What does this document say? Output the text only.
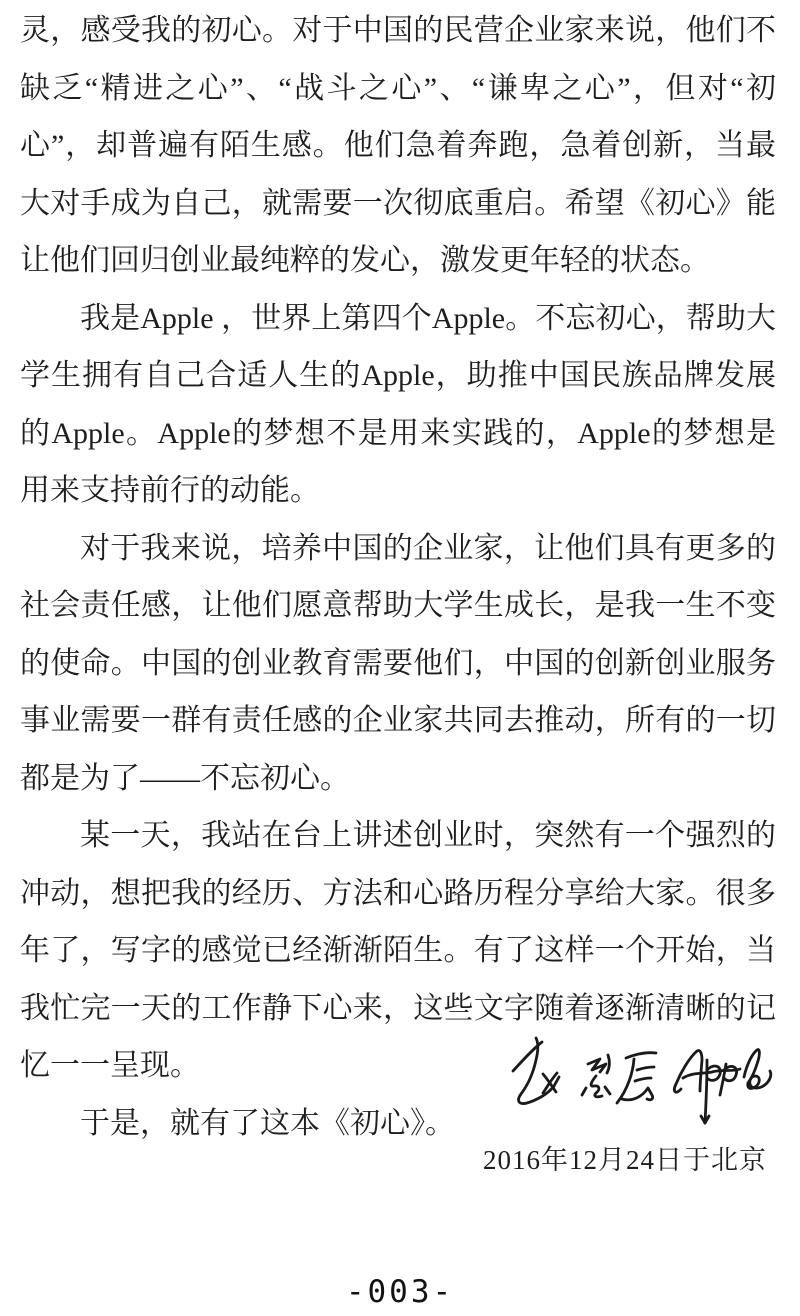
灵，感受我的初心。对于中国的民营企业家来说，他们不缺乏“精进之心”、“战斗之心”、“谦卑之心”，但对“初心”，却普遍有陌生感。他们急着奔跑，急着创新，当最大对手成为自己，就需要一次彻底重启。希望《初心》能让他们回归创业最纯粹的发心，激发更年轻的状态。

我是Apple ，世界上第四个Apple。不忘初心，帮助大学生拥有自己合适人生的Apple，助推中国民族品牌发展的Apple。Apple的梦想不是用来实践的，Apple的梦想是用来支持前行的动能。

对于我来说，培养中国的企业家，让他们具有更多的社会责任感，让他们愿意帮助大学生成长，是我一生不变的使命。中国的创业教育需要他们，中国的创新创业服务事业需要一群有责任感的企业家共同去推动，所有的一切都是为了——不忘初心。

某一天，我站在台上讲述创业时，突然有一个强烈的冲动，想把我的经历、方法和心路历程分享给大家。很多年了，写字的感觉已经渐渐陌生。有了这样一个开始，当我忙完一天的工作静下心来，这些文字随着逐渐清晰的记忆一一呈现。

于是，就有了这本《初心》。

2016年12月24日于北京
-003-
